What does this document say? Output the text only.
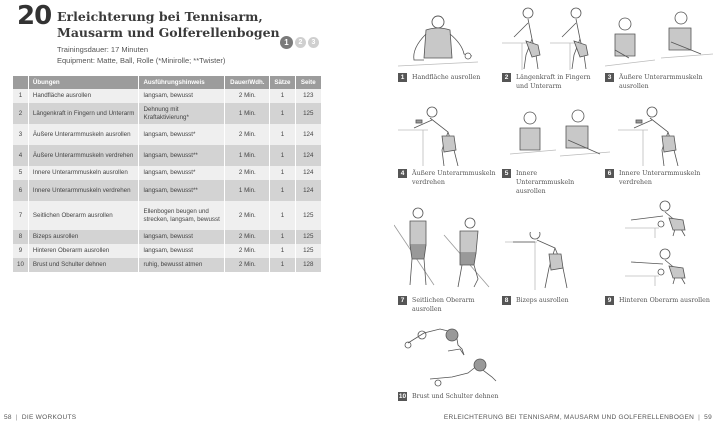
20 Erleichterung bei Tennisarm,
Mausarm und Golferellenbogen
Trainingsdauer: 17 Minuten
Equipment: Matte, Ball, Rolle (*Minirolle; **Twister)
1	2	3
	Übungen	Ausführungshinweis	Dauer/Wdh.	Sätze	Seite
1	Handfläche ausrollen	langsam, bewusst	2 Min.	1	123
2	Längenkraft in Fingern und Unterarm	Dehnung mit Kraftaktivierung*	1 Min.	1	125
3	Äußere Unterarmmuskeln ausrollen	langsam, bewusst*	2 Min.	1	124
4	Äußere Unterarmmuskeln verdrehen	langsam, bewusst**	1 Min.	1	124
5	Innere Unterarmmuskeln ausrollen	langsam, bewusst*	2 Min.	1	124
6	Innere Unterarmmuskeln verdrehen	langsam, bewusst**	1 Min.	1	124
7	Seitlichen Oberarm ausrollen	Ellenbogen beugen und strecken, langsam, bewusst	2 Min.	1	125
8	Bizeps ausrollen	langsam, bewusst	2 Min.	1	125
9	Hinteren Oberarm ausrollen	langsam, bewusst	2 Min.	1	125
10	Brust und Schulter dehnen	ruhig, bewusst atmen	2 Min.	1	128
58 | DIE WORKOUTS
1	Handfläche ausrollen	2	Längenkraft in Fingern und Unterarm
3	Äußere Unterarmmuskeln ausrollen
4	Äußere Unterarmmuskeln verdrehen
5	Innere Unterarmmuskeln ausrollen
6	Innere Unterarmmuskeln verdrehen
7	Seitlichen Oberarm ausrollen
8	Bizeps ausrollen	9	Hinteren Oberarm ausrollen
10 Brust und Schulter dehnen
ERLEICHTERUNG BEI TENNISARM, MAUSARM UND GOLFERELLENBOGEN | 59
